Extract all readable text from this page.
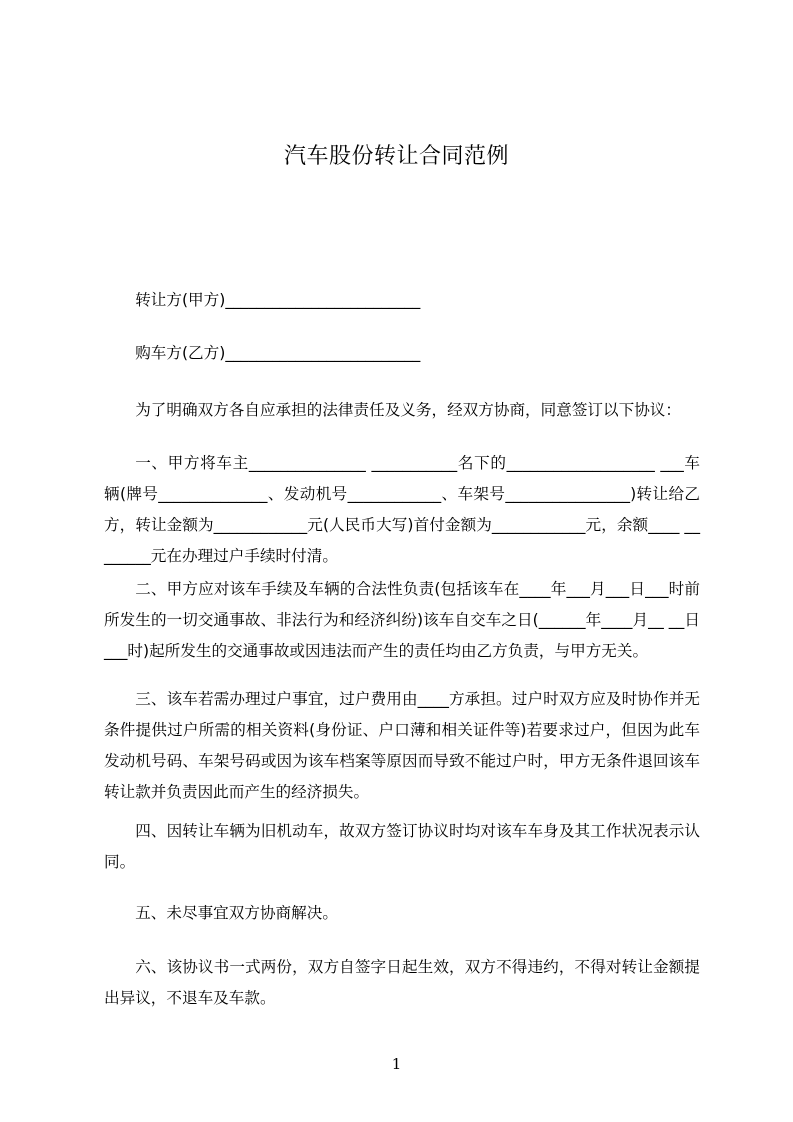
汽车股份转让合同范例
转让方(甲方)_________________________
购车方(乙方)_________________________
为了明确双方各自应承担的法律责任及义务，经双方协商，同意签订以下协议：
一、甲方将车主_______________ ___________名下的___________________ ___车辆(牌号______________、发动机号____________、车架号________________)转让给乙方，转让金额为____________元(人民币大写)首付金额为____________元，余额____ ________元在办理过户手续时付清。
二、甲方应对该车手续及车辆的合法性负责(包括该车在____年___月___日___时前所发生的一切交通事故、非法行为和经济纠纷)该车自交车之日(______年____月__ __日___时)起所发生的交通事故或因违法而产生的责任均由乙方负责，与甲方无关。
三、该车若需办理过户事宜，过户费用由____方承担。过户时双方应及时协作并无条件提供过户所需的相关资料(身份证、户口薄和相关证件等)若要求过户，但因为此车发动机号码、车架号码或因为该车档案等原因而导致不能过户时，甲方无条件退回该车转让款并负责因此而产生的经济损失。
四、因转让车辆为旧机动车，故双方签订协议时均对该车车身及其工作状况表示认同。
五、未尽事宜双方协商解决。
六、该协议书一式两份，双方自签字日起生效，双方不得违约，不得对转让金额提出异议，不退车及车款。
1
